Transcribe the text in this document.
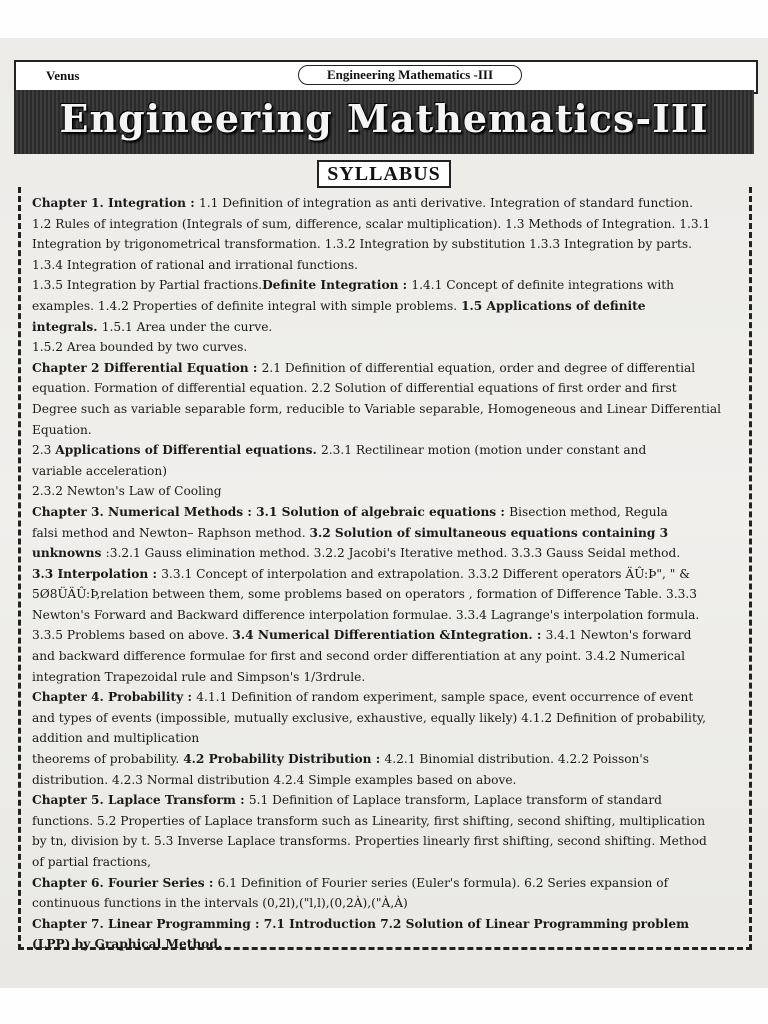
Venus	Engineering Mathematics -III
Engineering Mathematics-III
SYLLABUS

Chapter 1. Integration : 1.1 Definition of integration as anti derivative. Integration of standard function.

1.2 Rules of integration (Integrals of sum, difference, scalar multiplication). 1.3 Methods of Integration. 1.3.1

Integration by trigonometrical transformation. 1.3.2 Integration by substitution 1.3.3 Integration by parts.

1.3.4 Integration of rational and irrational functions.

1.3.5 Integration by Partial fractions.Definite Integration : 1.4.1 Concept of definite integrations with

examples. 1.4.2 Properties of definite integral with simple problems. 1.5 Applications of definite

integrals. 1.5.1 Area under the curve.

1.5.2 Area bounded by two curves.

Chapter 2 Differential Equation : 2.1 Definition of differential equation, order and degree of differential

equation. Formation of differential equation. 2.2 Solution of differential equations of first order and first

Degree such as variable separable form, reducible to Variable separable, Homogeneous and Linear Differential

Equation.

2.3 Applications of Differential equations. 2.3.1 Rectilinear motion (motion under constant and

variable acceleration)

2.3.2 Newton's Law of Cooling

Chapter 3. Numerical Methods : 3.1 Solution of algebraic equations : Bisection method, Regula

falsi method and Newton– Raphson method. 3.2 Solution of simultaneous equations containing 3

unknowns :3.2.1 Gauss elimination method. 3.2.2 Jacobi's Iterative method. 3.3.3 Gauss Seidal method.

3.3 Interpolation : 3.3.1 Concept of interpolation and extrapolation. 3.3.2 Different operators ÄÛ:Þ", " &

5Ø8ÜÄÛ:Þ,relation between them, some problems based on operators , formation of Difference Table. 3.3.3

Newton's Forward and Backward difference interpolation formulae. 3.3.4 Lagrange's interpolation formula.

3.3.5 Problems based on above. 3.4 Numerical Differentiation &Integration. : 3.4.1 Newton's forward

and backward difference formulae for first and second order differentiation at any point. 3.4.2 Numerical

integration Trapezoidal rule and Simpson's 1/3rdrule.

Chapter 4. Probability : 4.1.1 Definition of random experiment, sample space, event occurrence of event

and types of events (impossible, mutually exclusive, exhaustive, equally likely) 4.1.2 Definition of probability,

addition and multiplication

theorems of probability. 4.2 Probability Distribution : 4.2.1 Binomial distribution. 4.2.2 Poisson's

distribution. 4.2.3 Normal distribution 4.2.4 Simple examples based on above.

Chapter 5. Laplace Transform : 5.1 Definition of Laplace transform, Laplace transform of standard

functions. 5.2 Properties of Laplace transform such as Linearity, first shifting, second shifting, multiplication

by tn, division by t. 5.3 Inverse Laplace transforms. Properties linearly first shifting, second shifting. Method

of partial fractions,

Chapter 6. Fourier Series : 6.1 Definition of Fourier series (Euler's formula). 6.2 Series expansion of

continuous functions in the intervals (0,2l),("l,l),(0,2À),("À,À)

Chapter 7. Linear Programming : 7.1 Introduction 7.2 Solution of Linear Programming problem

(LPP) by Graphical Method.
